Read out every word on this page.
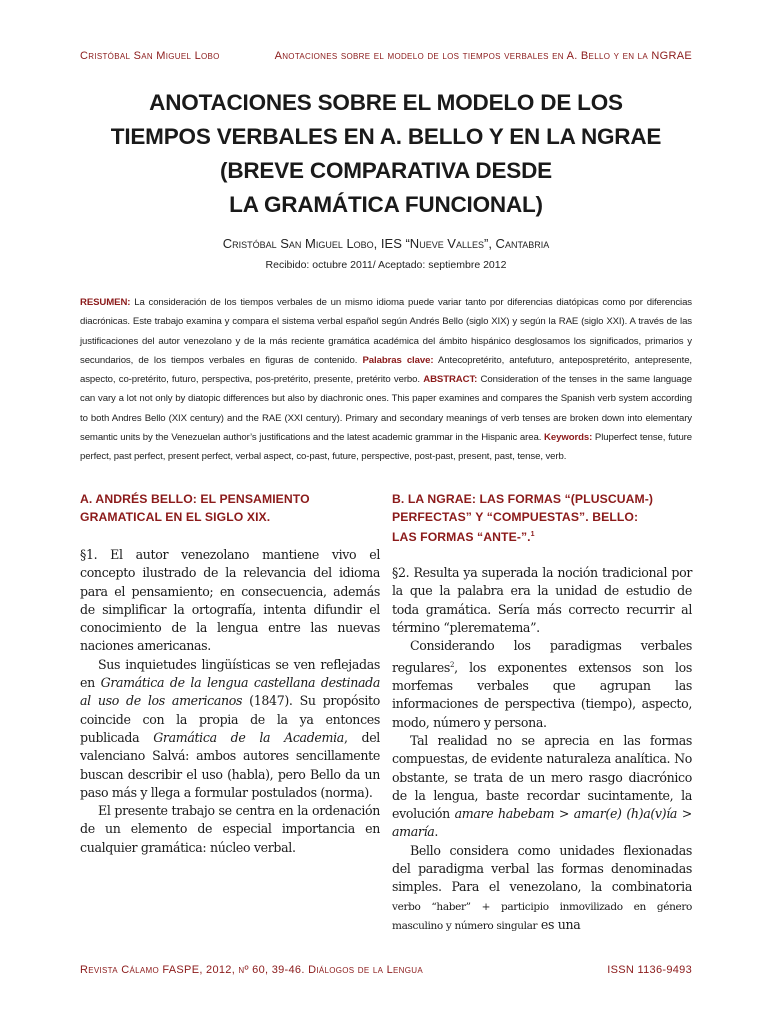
Cristóbal San Miguel Lobo	Anotaciones sobre el modelo de los tiempos verbales en A. Bello y en la NGRAE
ANOTACIONES SOBRE EL MODELO DE LOS
TIEMPOS VERBALES EN A. BELLO Y EN LA NGRAE
(BREVE COMPARATIVA DESDE
LA GRAMÁTICA FUNCIONAL)
Cristóbal San Miguel Lobo, IES “Nueve Valles”, Cantabria
Recibido: octubre 2011/ Aceptado: septiembre 2012
RESUMEN: La consideración de los tiempos verbales de un mismo idioma puede variar tanto por diferencias diatópicas como por diferencias diacrónicas. Este trabajo examina y compara el sistema verbal español según Andrés Bello (siglo XIX) y según la RAE (siglo XXI). A través de las justificaciones del autor venezolano y de la más reciente gramática académica del ámbito hispánico desglosamos los significados, primarios y secundarios, de los tiempos verbales en figuras de contenido. Palabras clave: Antecopretérito, antefuturo, antepospretérito, antepresente, aspecto, co-pretérito, futuro, perspectiva, pos-pretérito, presente, pretérito verbo. ABSTRACT: Consideration of the tenses in the same language can vary a lot not only by diatopic differences but also by diachronic ones. This paper examines and compares the Spanish verb system according to both Andres Bello (XIX century) and the RAE (XXI century). Primary and secondary meanings of verb tenses are broken down into elementary semantic units by the Venezuelan author’s justifications and the latest academic grammar in the Hispanic area. Keywords: Pluperfect tense, future perfect, past perfect, present perfect, verbal aspect, co-past, future, perspective, post-past, present, past, tense, verb.
A. ANDRÉS BELLO: EL PENSAMIENTO
GRAMATICAL EN EL SIGLO XIX.

§1. El autor venezolano mantiene vivo el concepto ilustrado de la relevancia del idioma para el pensamiento; en consecuencia, además de simplificar la ortografía, intenta difundir el conocimiento de la lengua entre las nuevas naciones americanas.

Sus inquietudes lingüísticas se ven reflejadas en Gramática de la lengua castellana destinada al uso de los americanos (1847). Su propósito coincide con la propia de la ya entonces publicada Gramática de la Academia, del valenciano Salvá: ambos autores sencillamente buscan describir el uso (habla), pero Bello da un paso más y llega a formular postulados (norma).

El presente trabajo se centra en la ordenación de un elemento de especial importancia en cualquier gramática: núcleo verbal.

B. LA NGRAE: LAS FORMAS “(PLUSCUAM-)
PERFECTAS” Y “COMPUESTAS”. BELLO:
LAS FORMAS “ANTE-”.$^1$

§2. Resulta ya superada la noción tradicional por la que la palabra era la unidad de estudio de toda gramática. Sería más correcto recurrir al término “plerematema”.

Considerando los paradigmas verbales regulares$^2$, los exponentes extensos son los morfemas verbales que agrupan las informaciones de perspectiva (tiempo), aspecto, modo, número y persona.

Tal realidad no se aprecia en las formas compuestas, de evidente naturaleza analítica. No obstante, se trata de un mero rasgo diacrónico de la lengua, baste recordar sucintamente, la evolución amare habebam > amar(e) (h)a(v)ía > amaría.

Bello considera como unidades flexionadas del paradigma verbal las formas denominadas simples. Para el venezolano, la combinatoria verbo “haber” + participio inmovilizado en género masculino y número singular es una

Revista Cálamo FASPE, 2012, nº 60, 39-46. Diálogos de la Lengua	ISSN 1136-9493
